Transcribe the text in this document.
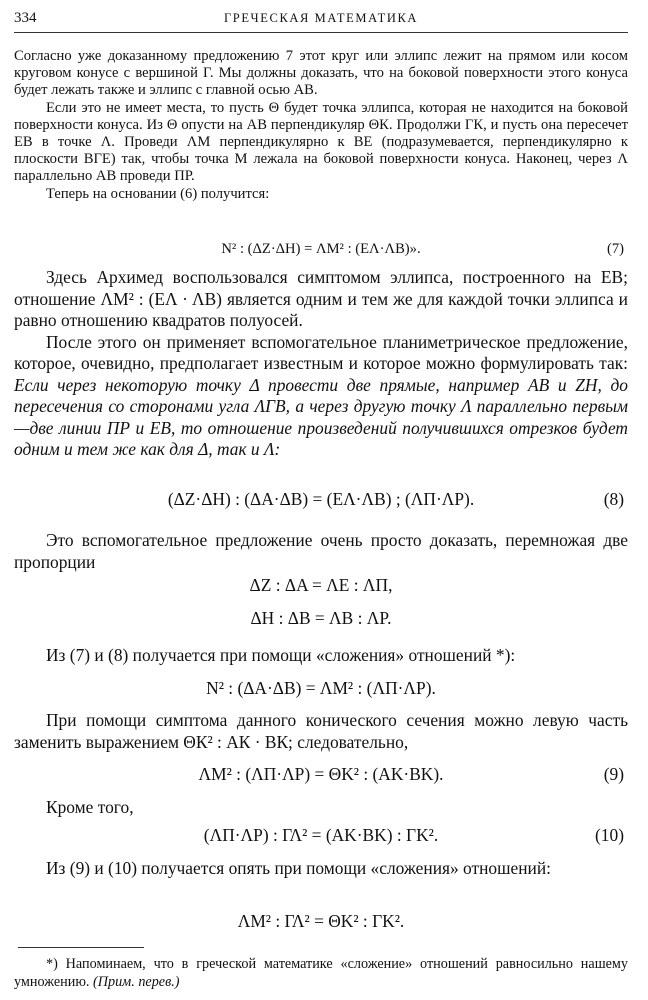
334	ГРЕЧЕСКАЯ МАТЕМАТИКА

Согласно уже доказанному предложению 7 этот круг или эллипс лежит на прямом или косом круговом конусе с вершиной Г. Мы должны доказать, что на боковой поверхности этого конуса будет лежать также и эллипс с главной осью АВ.

Если это не имеет места, то пусть Θ будет точка эллипса, которая не находится на боковой поверхности конуса. Из Θ опусти на АВ перпендикуляр ΘК. Продолжи ГК, и пусть она пересечет ЕВ в точке Λ. Проведи ΛМ перпендикулярно к ВЕ (подразумевается, перпендикулярно к плоскости ВГЕ) так, чтобы точка М лежала на боковой поверхности конуса. Наконец, через Λ параллельно АВ проведи ПР.

Теперь на основании (6) получится:

N² : (ΔZ·ΔH) = ΛM² : (EΛ·ΛB)».	(7)

Здесь Архимед воспользовался симптомом эллипса, построенного на ЕВ; отношение ΛМ² : (ЕΛ · ΛВ) является одним и тем же для каждой точки эллипса и равно отношению квадратов полуосей.

После этого он применяет вспомогательное планиметрическое предложение, которое, очевидно, предполагает известным и которое можно формулировать так: Если через некоторую точку Δ провести две прямые, например АВ и ZН, до пересечения со сторонами угла ΛГВ, а через другую точку Λ параллельно первым—две линии ПР и ЕВ, то отношение произведений получившихся отрезков будет одним и тем же как для Δ, так и Λ:

(ΔZ·ΔH) : (ΔA·ΔB) = (EΛ·ΛB) ; (ΛΠ·ΛP).	(8)

Это вспомогательное предложение очень просто доказать, перемножая две пропорции

ΔZ : ΔA = ΛE : ΛΠ,
ΔH : ΔB = ΛB : ΛP.

Из (7) и (8) получается при помощи «сложения» отношений *):

N² : (ΔA·ΔB) = ΛM² : (ΛΠ·ΛP).

При помощи симптома данного конического сечения можно левую часть заменить выражением ΘК² : АК · ВК; следовательно,

ΛM² : (ΛΠ·ΛP) = ΘK² : (AK·BK).	(9)

Кроме того,

(ΛΠ·ΛP) : ΓΛ² = (AK·BK) : ΓK².	(10)

Из (9) и (10) получается опять при помощи «сложения» отношений:

ΛM² : ΓΛ² = ΘK² : ΓK².

*) Напоминаем, что в греческой математике «сложение» отношений равносильно нашему умножению. (Прим. перев.)
